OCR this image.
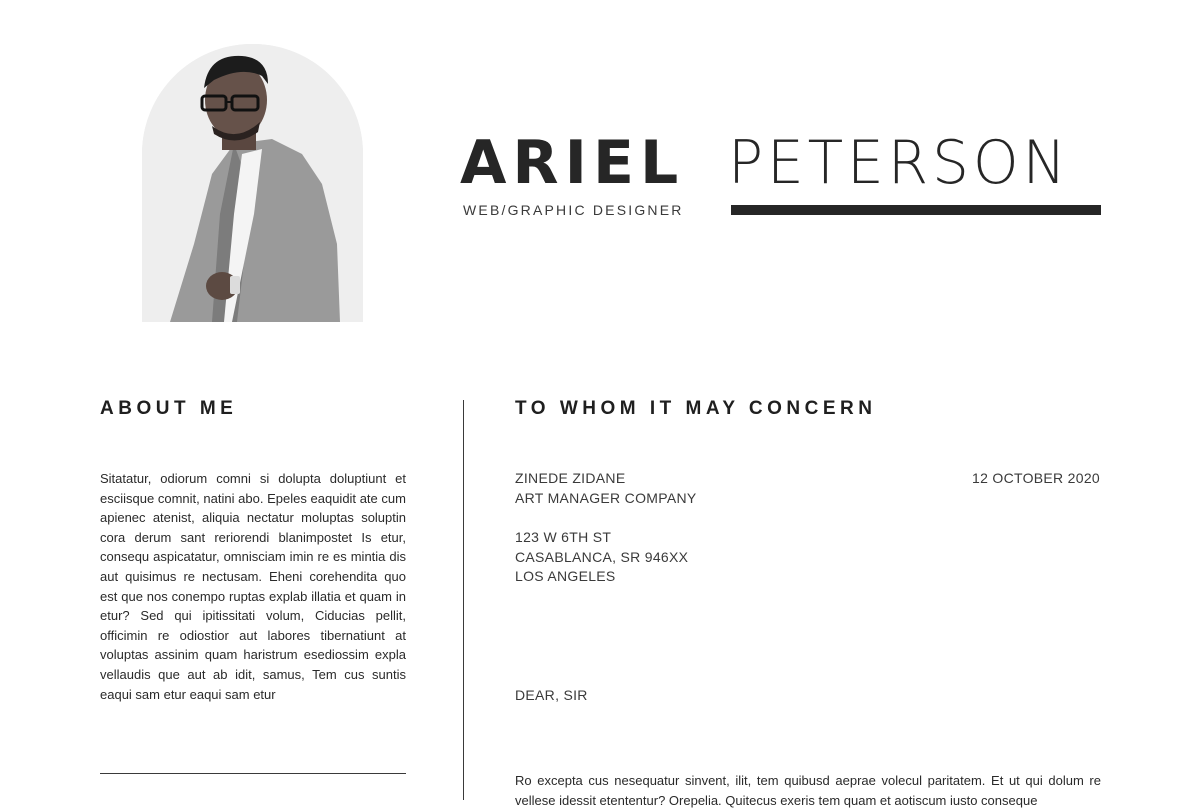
ARIEL PETERSON
WEB/GRAPHIC DESIGNER
ABOUT ME
Sitatatur, odiorum comni si dolupta doluptiunt et esciisque comnit, natini abo. Epeles eaquidit ate cum apienec atenist, aliquia nectatur moluptas soluptin cora derum sant reriorendi blanimpostet Is etur, consequ aspicatatur, omnisciam imin re es mintia dis aut quisimus re nectusam. Eheni corehendita quo est que nos conempo ruptas explab illatia et quam in etur? Sed qui ipitissitati volum, Ciducias pellit, officimin re odiostior aut labores tibernatiunt at voluptas assinim quam haristrum esediossim expla vellaudis que aut ab idit, samus, Tem cus suntis eaqui sam etur eaqui sam etur
TO WHOM IT MAY CONCERN
ZINEDE ZIDANE
ART MANAGER COMPANY
12 OCTOBER 2020
123 W 6TH ST
CASABLANCA, SR 946XX
LOS ANGELES
DEAR, SIR
Ro excepta cus nesequatur sinvent, ilit, tem quibusd aeprae volecul paritatem. Et ut qui dolum re vellese idessit etententur? Orepelia. Quitecus exeris tem quam et aotiscum iusto conseque
